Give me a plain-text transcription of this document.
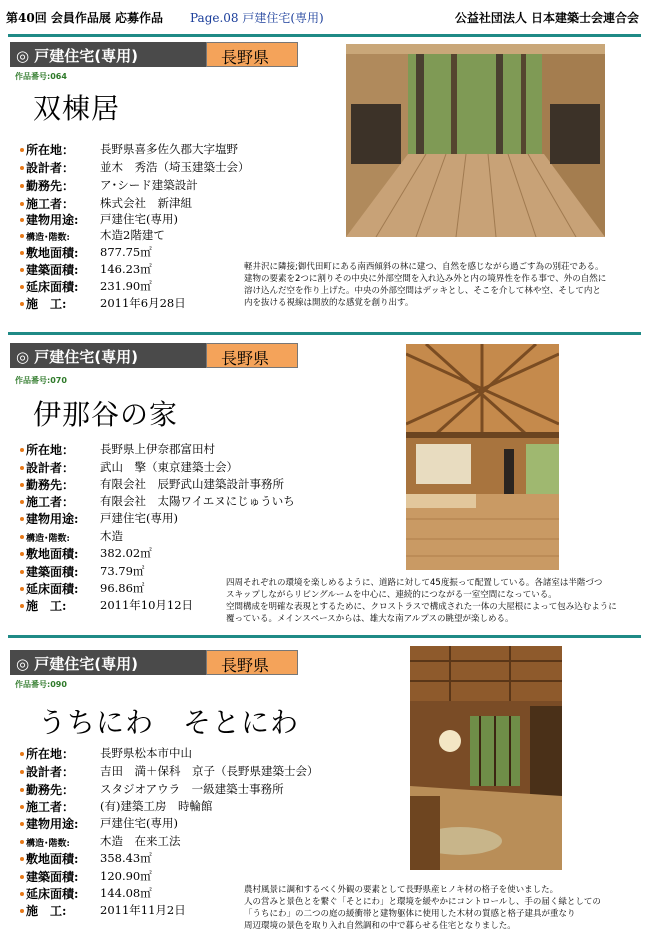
第40回 会員作品展 応募作品 Page.08 戸建住宅(専用)	公益社団法人 日本建築士会連合会
◎ 戸建住宅(専用)	長野県
作品番号:064
双棟居
所在地： 長野県喜多佐久郡大字塩野
設計者： 並木　秀浩（埼玉建築士会）
勤務先： ア･シード建築設計
施工者： 株式会社　新津組
建物用途: 戸建住宅(専用)
構造･階数:	木造2階建て
敷地面積: 877.75㎡
建築面積: 146.23㎡
延床面積: 231.90㎡
施　工:	2011年6月28日

軽井沢に隣接;御代田町にある南西傾斜の林に建つ、自然を感じながら過ごす為の別荘である。

建物の要素を2つに割りその中央に外部空間を入れ込み外と内の境界性を作る事で、外の自然に

溶け込んだ空を作り上げた。中央の外部空間はデッキとし、そこを介して林や空、そして内と

内を抜ける視線は開放的な感覚を創り出す。

◎ 戸建住宅(専用)	長野県
作品番号:070
伊那谷の家
所在地： 長野県上伊奈郡富田村
設計者： 武山　擎（東京建築士会）
勤務先： 有限会社　辰野武山建築設計事務所
施工者： 有限会社　太陽ワイエヌにじゅういち
建物用途: 戸建住宅(専用)
構造･階数:	木造
敷地面積: 382.02㎡
建築面積: 73.79㎡
延床面積: 96.86㎡
施　工:	2011年10月12日

四周それぞれの環境を楽しめるように、道路に対して45度振って配置している。各諸室は半階づつ

スキップしながらリビングルームを中心に、連続的につながる一室空間になっている。

空間構成を明確な表現とするために、クロストラスで構成された一体の大屋根によって包み込むように

覆っている。メインスペースからは、雄大な南アルプスの眺望が楽しめる。

◎ 戸建住宅(専用)	長野県
作品番号:090
うちにわ　そとにわ
所在地： 長野県松本市中山
設計者： 吉田　満＋保科　京子（長野県建築士会）
勤務先： スタジオアウラ　一級建築士事務所
施工者： (有)建築工房　時輪館
建物用途: 戸建住宅(専用)
構造･階数:	木造　在来工法
敷地面積: 358.43㎡
建築面積: 120.90㎡
延床面積: 144.08㎡
施　工:	2011年11月2日

農村風景に調和するべく外観の要素として長野県産ヒノキ材の格子を使いました。

人の営みと景色とを繋ぐ「そとにわ」と環境を緩やかにコントロールし、手の届く緑としての

「うちにわ」の二つの庭の緩衝帯と建物躯体に使用した木材の質感と格子建具が重なり

周辺環境の景色を取り入れ自然調和の中で暮らせる住宅となりました。
